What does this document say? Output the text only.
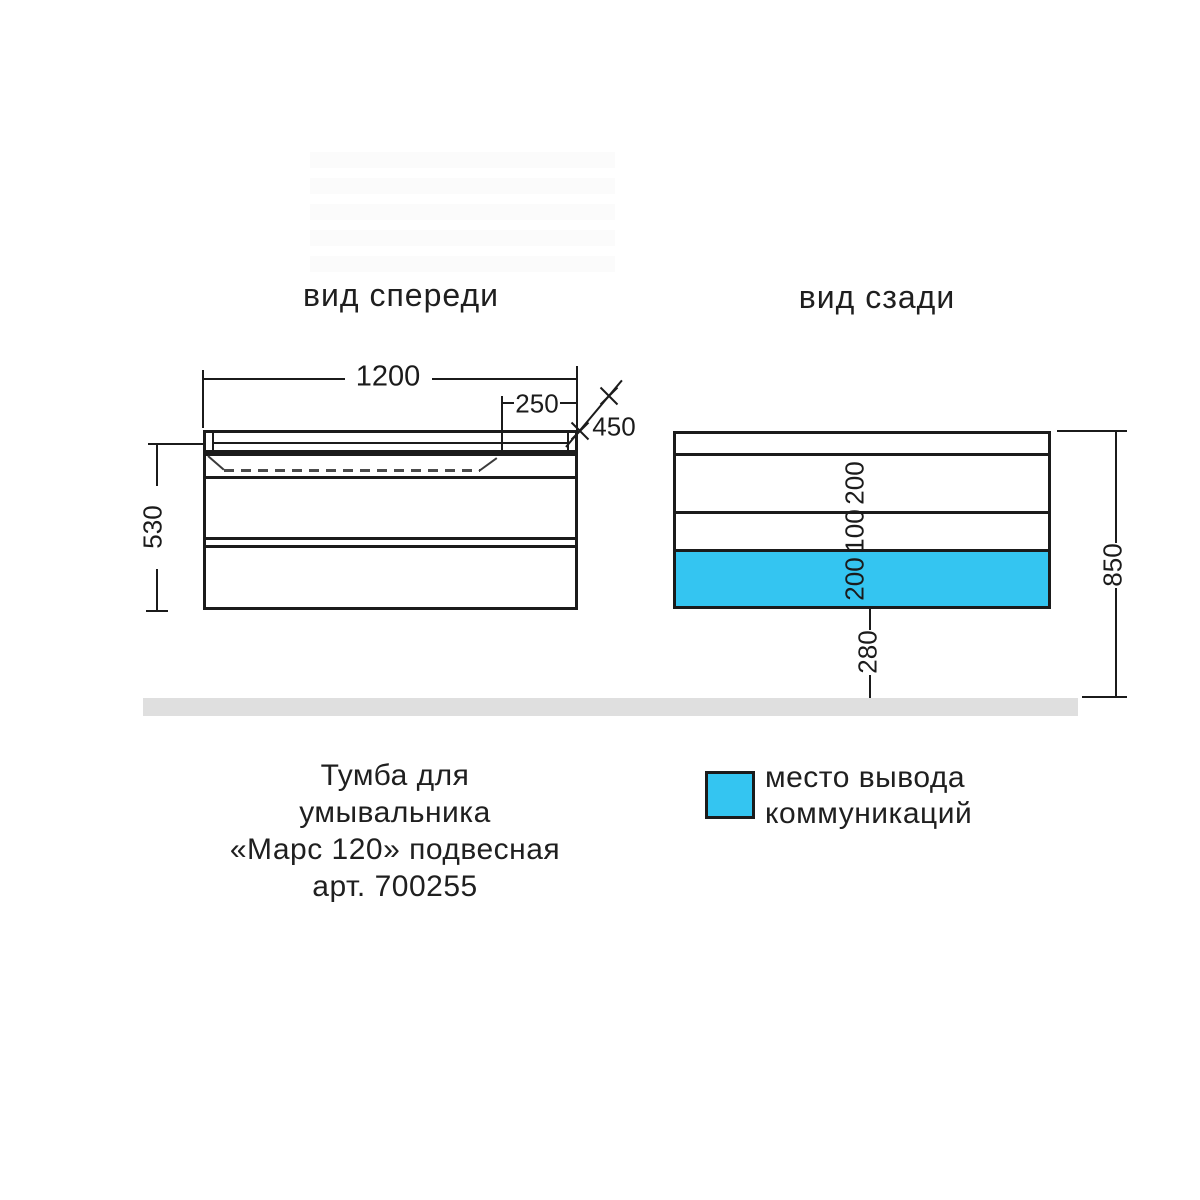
вид спереди	вид сзади
1200
250
450
530
200
100
200
280
850
Тумба для
умывальника
«Марс 120» подвесная
арт. 700255
место вывода
коммуникаций
